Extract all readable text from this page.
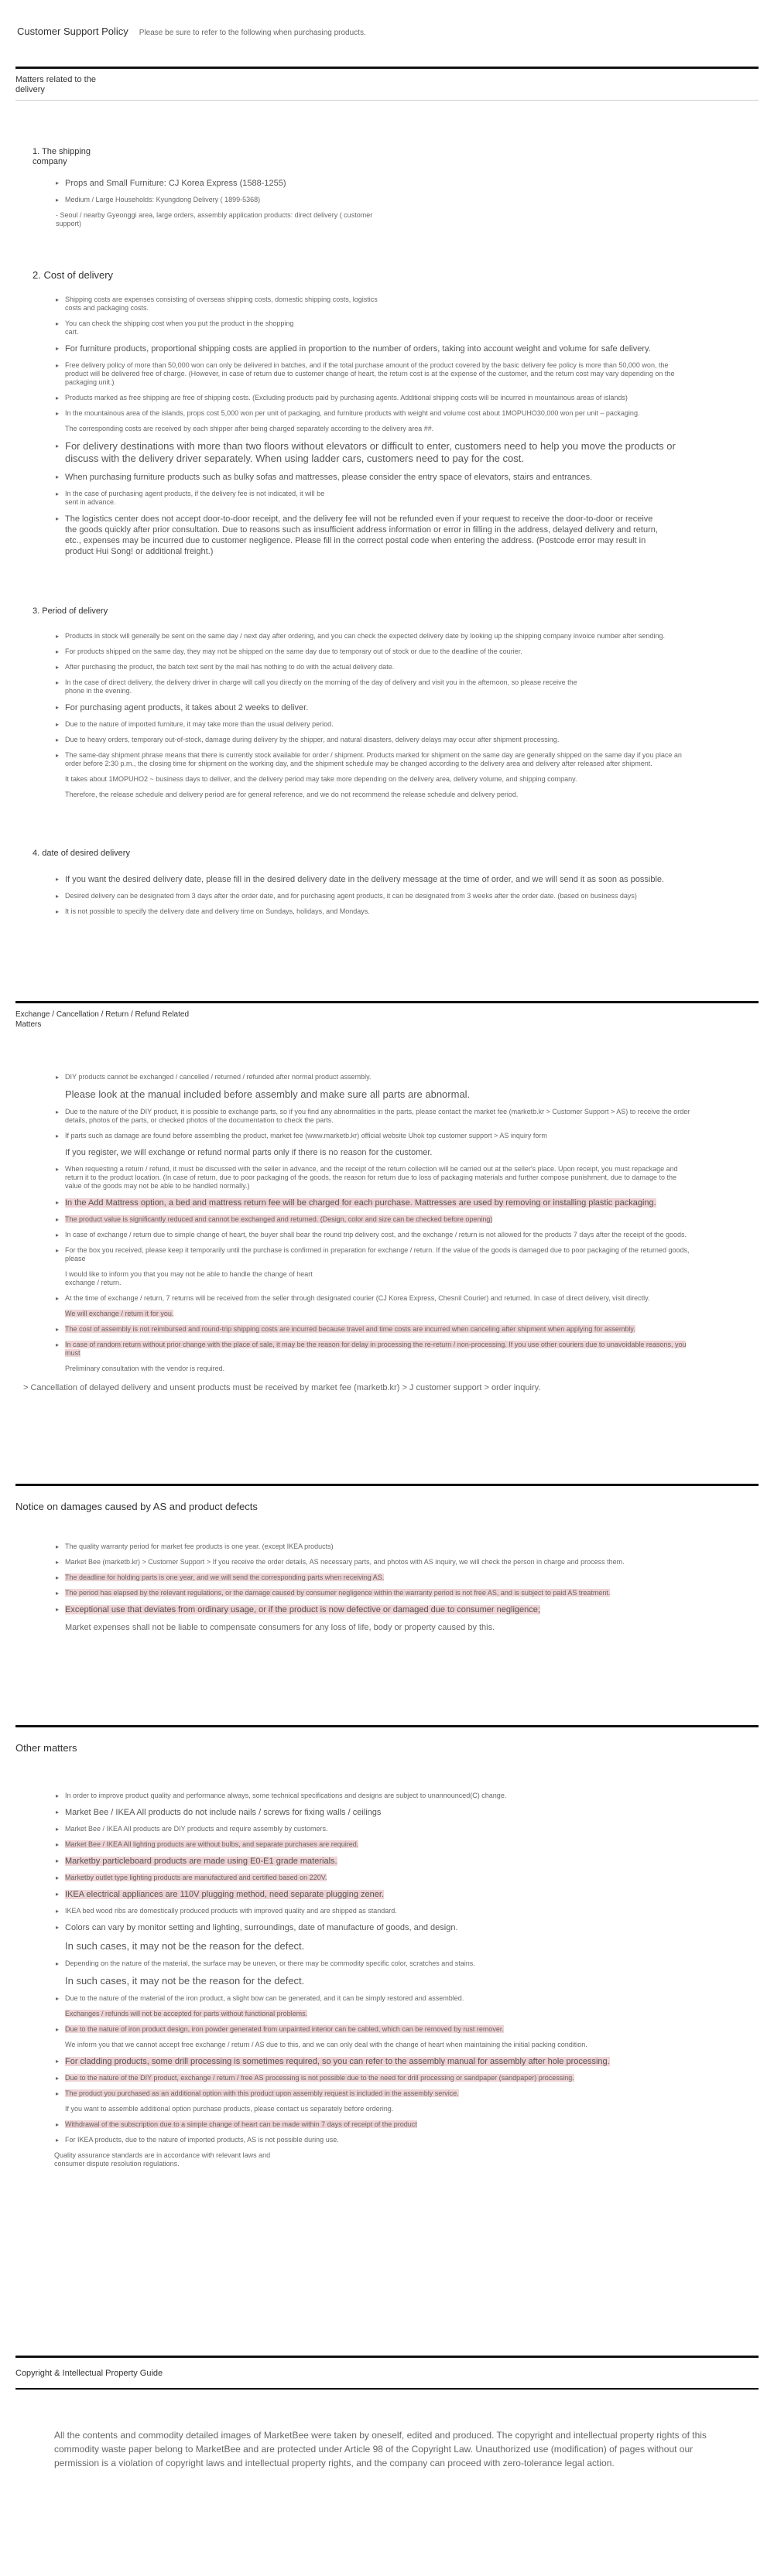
Customer Support Policy Please be sure to refer to the following when purchasing products.
Matters related to the delivery
1. The shipping company
▸ Props and Small Furniture: CJ Korea Express (1588-1255)
▸ Medium / Large Households: Kyungdong Delivery ( 1899-5368)
- Seoul / nearby Gyeonggi area, large orders, assembly application products: direct delivery ( customer support)
2. Cost of delivery
▸ Shipping costs are expenses consisting of overseas shipping costs, domestic shipping costs, logistics costs and packaging costs.
▸ You can check the shipping cost when you put the product in the shopping cart.
▸ For furniture products, proportional shipping costs are applied in proportion to the number of orders, taking into account weight and volume for safe delivery.
▸ Free delivery policy of more than 50,000 won can only be delivered in batches, and if the total purchase amount of the product covered by the basic delivery fee policy is more than 50,000 won, the product will be delivered free of charge. (However, in case of return due to customer change of heart, the return cost is at the expense of the customer, and the return cost may vary depending on the packaging unit.)
▸ Products marked as free shipping are free of shipping costs. (Excluding products paid by purchasing agents. Additional shipping costs will be incurred in mountainous areas of islands)
▸ In the mountainous area of the islands, props cost 5,000 won per unit of packaging, and furniture products with weight and volume cost about 1MOPUHO30,000 won per unit – packaging.
The corresponding costs are received by each shipper after being charged separately according to the delivery area ##.
▸ For delivery destinations with more than two floors without elevators or difficult to enter, customers need to help you move the products or discuss with the delivery driver separately. When using ladder cars, customers need to pay for the cost.
▸ When purchasing furniture products such as bulky sofas and mattresses, please consider the entry space of elevators, stairs and entrances.
▸ In the case of purchasing agent products, if the delivery fee is not indicated, it will be sent in advance.
▸ The logistics center does not accept door-to-door receipt, and the delivery fee will not be refunded even if your request to receive the door-to-door or receive the goods quickly after prior consultation. Due to reasons such as insufficient address information or error in filling in the address, delayed delivery and return, etc., expenses may be incurred due to customer negligence. Please fill in the correct postal code when entering the address. (Postcode error may result in product Hui Song! or additional freight.)
3. Period of delivery
▸ Products in stock will generally be sent on the same day / next day after ordering, and you can check the expected delivery date by looking up the shipping company invoice number after sending.
▸ For products shipped on the same day, they may not be shipped on the same day due to temporary out of stock or due to the deadline of the courier.
▸ After purchasing the product, the batch text sent by the mail has nothing to do with the actual delivery date.
▸ In the case of direct delivery, the delivery driver in charge will call you directly on the morning of the day of delivery and visit you in the afternoon, so please receive the phone in the evening.
▸ For purchasing agent products, it takes about 2 weeks to deliver.
▸ Due to the nature of imported furniture, it may take more than the usual delivery period.
▸ Due to heavy orders, temporary out-of-stock, damage during delivery by the shipper, and natural disasters, delivery delays may occur after shipment processing.
▸ The same-day shipment phrase means that there is currently stock available for order / shipment. Products marked for shipment on the same day are generally shipped on the same day if you place an order before 2:30 p.m., the closing time for shipment on the working day, and the shipment schedule may be changed according to the delivery area and delivery after released after shipment.
It takes about 1MOPUHO2 ~ business days to deliver, and the delivery period may take more depending on the delivery area, delivery volume, and shipping company.
Therefore, the release schedule and delivery period are for general reference, and we do not recommend the release schedule and delivery period.
4. date of desired delivery
▸ If you want the desired delivery date, please fill in the desired delivery date in the delivery message at the time of order, and we will send it as soon as possible.
▸ Desired delivery can be designated from 3 days after the order date, and for purchasing agent products, it can be designated from 3 weeks after the order date. (based on business days)
▸ It is not possible to specify the delivery date and delivery time on Sundays, holidays, and Mondays.
Exchange / Cancellation / Return / Refund Related Matters
▸ DIY products cannot be exchanged / cancelled / returned / refunded after normal product assembly.
Please look at the manual included before assembly and make sure all parts are abnormal.
▸ Due to the nature of the DIY product, it is possible to exchange parts, so if you find any abnormalities in the parts, please contact the market fee (marketb.kr > Customer Support > AS) to receive the order details, photos of the parts, or checked photos of the documentation to check the parts.
▸ If parts such as damage are found before assembling the product, market fee (www.marketb.kr) official website Uhok top customer support > AS inquiry form
If you register, we will exchange or refund normal parts only if there is no reason for the customer.
▸ When requesting a return / refund, it must be discussed with the seller in advance, and the receipt of the return collection will be carried out at the seller's place. Upon receipt, you must repackage and return it to the product location. (In case of return, due to poor packaging of the goods, the reason for return due to loss of packaging materials and further compose punishment, due to damage to the value of the goods may not be able to be handled normally.)
▸ In the Add Mattress option, a bed and mattress return fee will be charged for each purchase. Mattresses are used by removing or installing plastic packaging.
▸ The product value is significantly reduced and cannot be exchanged and returned. (Design, color and size can be checked before opening)
▸ In case of exchange / return due to simple change of heart, the buyer shall bear the round trip delivery cost, and the exchange / return is not allowed for the products 7 days after the receipt of the goods.
▸ For the box you received, please keep it temporarily until the purchase is confirmed in preparation for exchange / return. If the value of the goods is damaged due to poor packaging of the returned goods, please
I would like to inform you that you may not be able to handle the change of heart exchange / return.
▸ At the time of exchange / return, 7 returns will be received from the seller through designated courier (CJ Korea Express, Chesnil Courier) and returned. In case of direct delivery, visit directly.
We will exchange / return it for you.
▸ The cost of assembly is not reimbursed and round-trip shipping costs are incurred because travel and time costs are incurred when canceling after shipment when applying for assembly.
▸ In case of random return without prior change with the place of sale, it may be the reason for delay in processing the re-return / non-processing. If you use other couriers due to unavoidable reasons, you must
Preliminary consultation with the vendor is required.
> Cancellation of delayed delivery and unsent products must be received by market fee (marketb.kr) > J customer support > order inquiry.
Notice on damages caused by AS and product defects
▸ The quality warranty period for market fee products is one year. (except IKEA products)
▸ Market Bee (marketb.kr) > Customer Support > If you receive the order details, AS necessary parts, and photos with AS inquiry, we will check the person in charge and process them.
▸ The deadline for holding parts is one year, and we will send the corresponding parts when receiving AS.
▸ The period has elapsed by the relevant regulations, or the damage caused by consumer negligence within the warranty period is not free AS, and is subject to paid AS treatment.
▸ Exceptional use that deviates from ordinary usage, or if the product is now defective or damaged due to consumer negligence;
Market expenses shall not be liable to compensate consumers for any loss of life, body or property caused by this.
Other matters
▸ In order to improve product quality and performance always, some technical specifications and designs are subject to unannounced(C) change.
▸ Market Bee / IKEA All products do not include nails / screws for fixing walls / ceilings
▸ Market Bee / IKEA All products are DIY products and require assembly by customers.
▸ Market Bee / IKEA All lighting products are without bulbs, and separate purchases are required.
▸ Marketby particleboard products are made using E0-E1 grade materials.
▸ Marketby outlet type lighting products are manufactured and certified based on 220V.
▸ IKEA electrical appliances are 110V plugging method, need separate plugging zener.
▸ IKEA bed wood ribs are domestically produced products with improved quality and are shipped as standard.
▸ Colors can vary by monitor setting and lighting, surroundings, date of manufacture of goods, and design.
In such cases, it may not be the reason for the defect.
▸ Depending on the nature of the material, the surface may be uneven, or there may be commodity specific color, scratches and stains.
In such cases, it may not be the reason for the defect.
▸ Due to the nature of the material of the iron product, a slight bow can be generated, and it can be simply restored and assembled.
Exchanges / refunds will not be accepted for parts without functional problems.
▸ Due to the nature of iron product design, iron powder generated from unpainted interior can be cabled, which can be removed by rust remover.
We inform you that we cannot accept free exchange / return / AS due to this, and we can only deal with the change of heart when maintaining the initial packing condition.
▸ For cladding products, some drill processing is sometimes required, so you can refer to the assembly manual for assembly after hole processing.
▸ Due to the nature of the DIY product, exchange / return / free AS processing is not possible due to the need for drill processing or sandpaper (sandpaper) processing.
▸ The product you purchased as an additional option with this product upon assembly request is included in the assembly service.
If you want to assemble additional option purchase products, please contact us separately before ordering.
▸ Withdrawal of the subscription due to a simple change of heart can be made within 7 days of receipt of the product
▸ For IKEA products, due to the nature of imported products, AS is not possible during use.
Quality assurance standards are in accordance with relevant laws and consumer dispute resolution regulations.
Copyright & Intellectual Property Guide
All the contents and commodity detailed images of MarketBee were taken by oneself, edited and produced. The copyright and intellectual property rights of this commodity waste paper belong to MarketBee and are protected under Article 98 of the Copyright Law. Unauthorized use (modification) of pages without our permission is a violation of copyright laws and intellectual property rights, and the company can proceed with zero-tolerance legal action.
